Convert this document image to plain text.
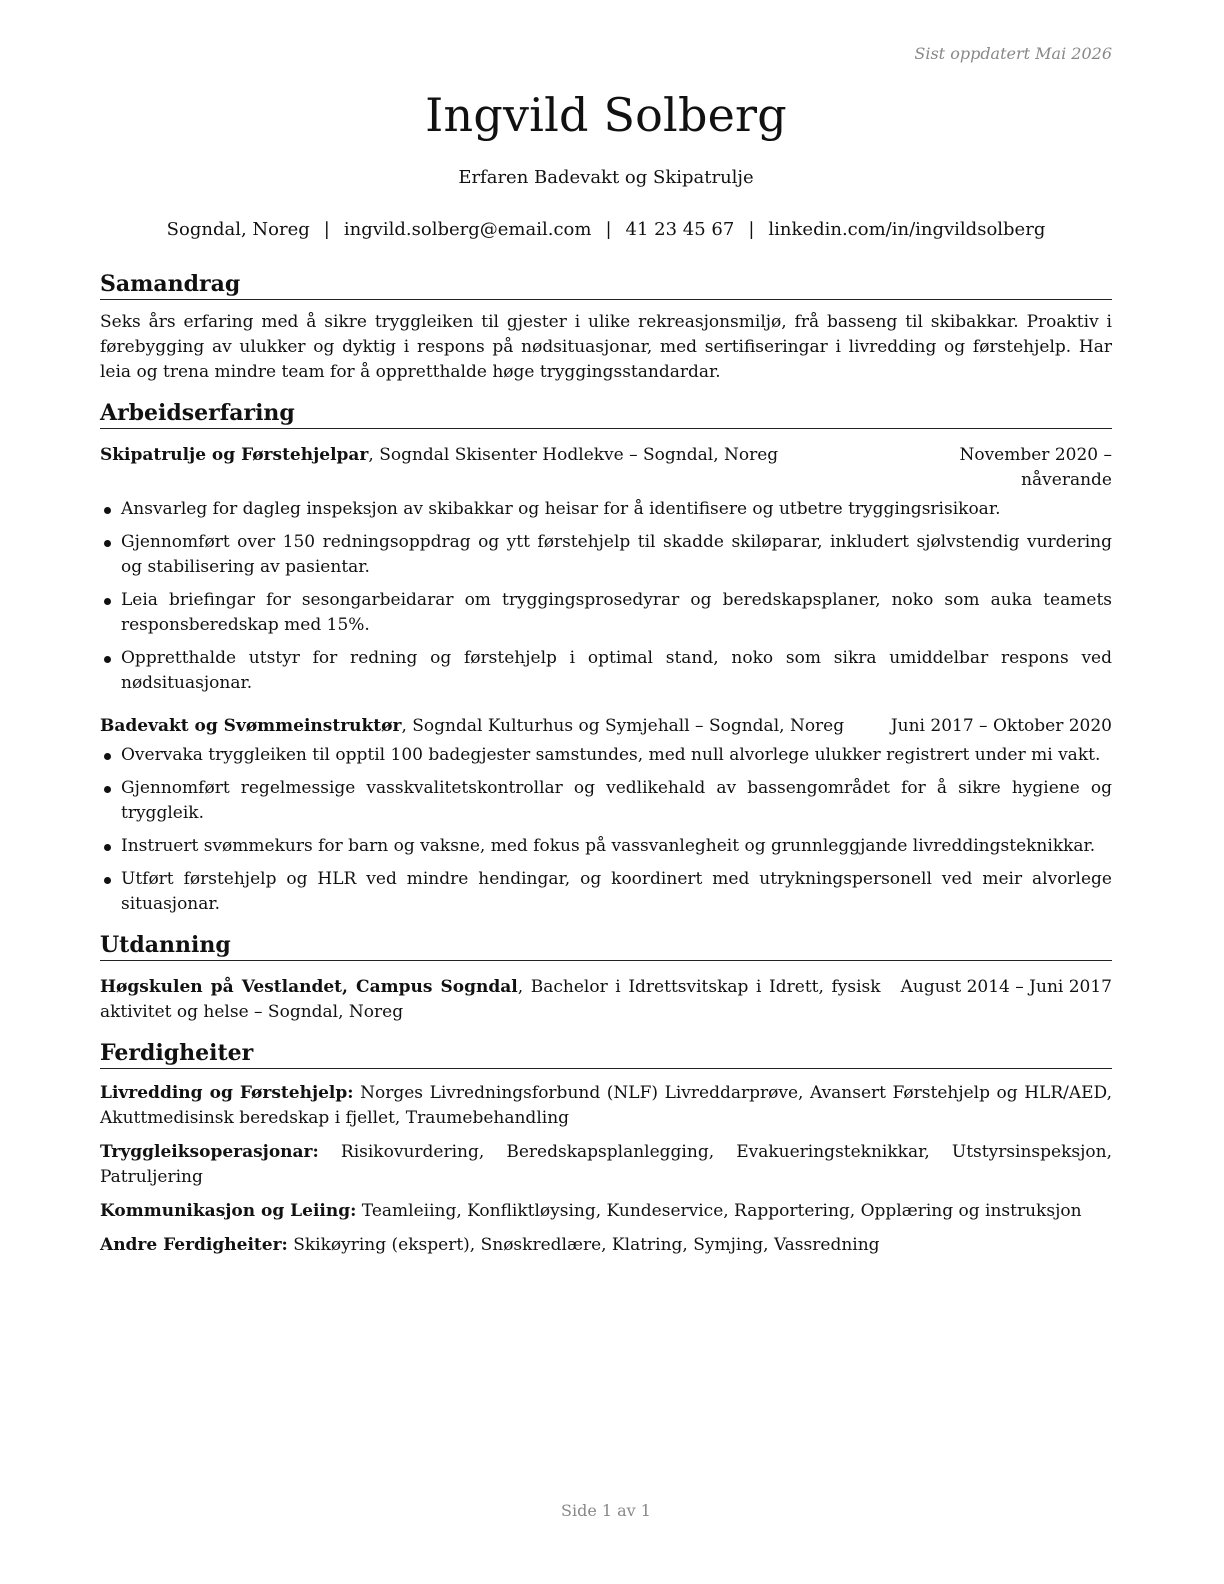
Sist oppdatert Mai 2026
Ingvild Solberg
Erfaren Badevakt og Skipatrulje
Sogndal, Noreg | ingvild.solberg@email.com | 41 23 45 67 | linkedin.com/in/ingvildsolberg
Samandrag

Seks års erfaring med å sikre tryggleiken til gjester i ulike rekreasjonsmiljø, frå basseng til skibakkar. Proaktiv i førebygging av ulukker og dyktig i respons på nødsituasjonar, med sertifiseringar i livredding og førstehjelp. Har leia og trena mindre team for å oppretthalde høge tryggingsstandardar.

Arbeidserfaring
Skipatrulje og Førstehjelpar, Sogndal Skisenter Hodlekve – Sogndal, Noreg	November 2020 – nåverande
Ansvarleg for dagleg inspeksjon av skibakkar og heisar for å identifisere og utbetre tryggingsrisikoar.
Gjennomført over 150 redningsoppdrag og ytt førstehjelp til skadde skiløparar, inkludert sjølvstendig vurdering og stabilisering av pasientar.
Leia briefingar for sesongarbeidarar om tryggingsprosedyrar og beredskapsplaner, noko som auka teamets responsberedskap med 15%.
Oppretthalde utstyr for redning og førstehjelp i optimal stand, noko som sikra umiddelbar respons ved nødsituasjonar.
Badevakt og Svømmeinstruktør, Sogndal Kulturhus og Symjehall – Sogndal, Noreg	Juni 2017 – Oktober 2020
Overvaka tryggleiken til opptil 100 badegjester samstundes, med null alvorlege ulukker registrert under mi vakt.
Gjennomført regelmessige vasskvalitetskontrollar og vedlikehald av bassengområdet for å sikre hygiene og tryggleik.
Instruert svømmekurs for barn og vaksne, med fokus på vassvanlegheit og grunnleggjande livreddingsteknikkar.
Utført førstehjelp og HLR ved mindre hendingar, og koordinert med utrykningspersonell ved meir alvorlege situasjonar.
Utdanning
Høgskulen på Vestlandet, Campus Sogndal, Bachelor i Idrettsvitskap i Idrett, fysisk aktivitet og helse – Sogndal, Noreg
August 2014 – Juni 2017
Ferdigheiter
Livredding og Førstehjelp: Norges Livredningsforbund (NLF) Livreddarprøve, Avansert Førstehjelp og HLR/AED, Akuttmedisinsk beredskap i fjellet, Traumebehandling
Tryggleiksoperasjonar: Risikovurdering, Beredskapsplanlegging, Evakueringsteknikkar, Utstyrsinspeksjon, Patruljering
Kommunikasjon og Leiing: Teamleiing, Konfliktløysing, Kundeservice, Rapportering, Opplæring og instruksjon
Andre Ferdigheiter: Skikøyring (ekspert), Snøskredlære, Klatring, Symjing, Vassredning
Side 1 av 1
